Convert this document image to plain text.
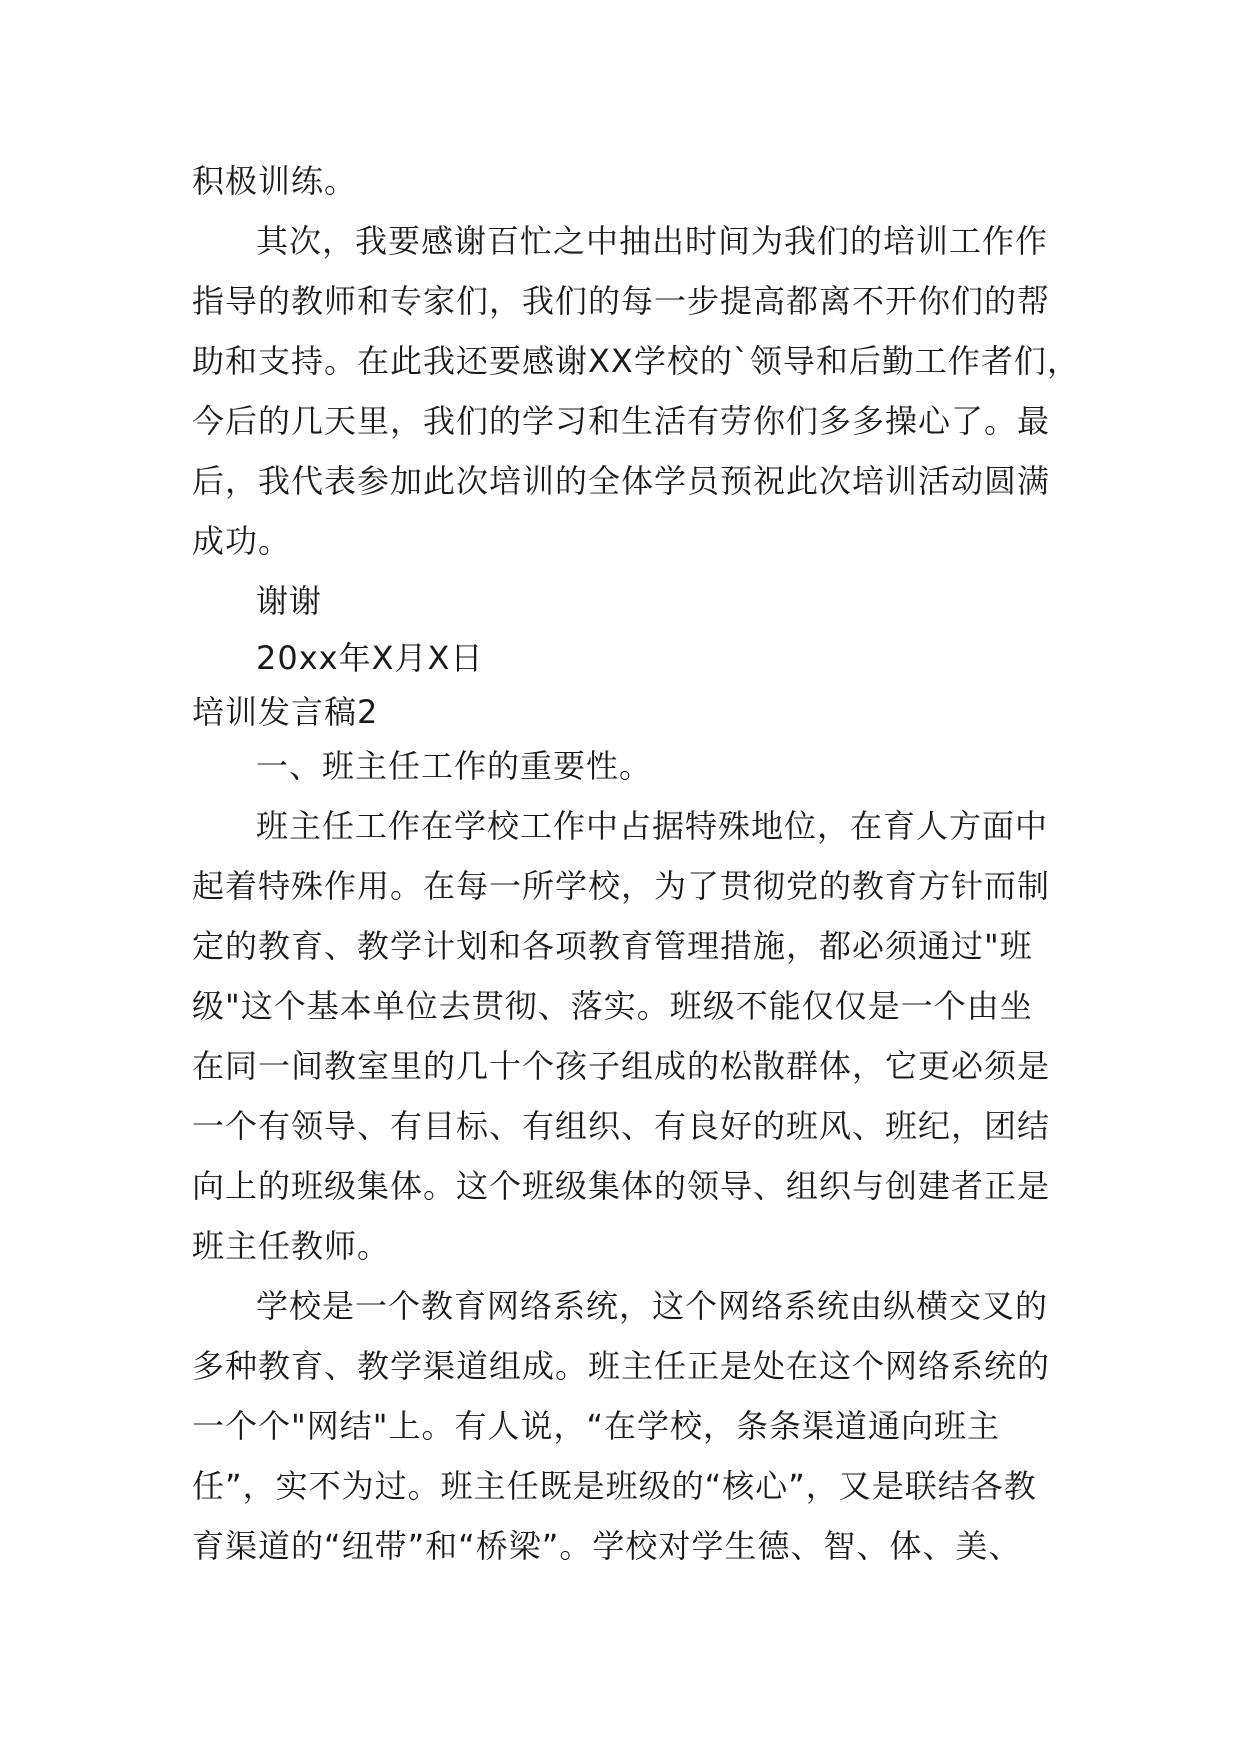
积极训练。
其次，我要感谢百忙之中抽出时间为我们的培训工作作
指导的教师和专家们，我们的每一步提高都离不开你们的帮
助和支持。在此我还要感谢XX学校的`领导和后勤工作者们，
今后的几天里，我们的学习和生活有劳你们多多操心了。最
后，我代表参加此次培训的全体学员预祝此次培训活动圆满
成功。
谢谢
20xx年X月X日
培训发言稿2
一、班主任工作的重要性。
班主任工作在学校工作中占据特殊地位，在育人方面中
起着特殊作用。在每一所学校，为了贯彻党的教育方针而制
定的教育、教学计划和各项教育管理措施，都必须通过"班
级"这个基本单位去贯彻、落实。班级不能仅仅是一个由坐
在同一间教室里的几十个孩子组成的松散群体，它更必须是
一个有领导、有目标、有组织、有良好的班风、班纪，团结
向上的班级集体。这个班级集体的领导、组织与创建者正是
班主任教师。
学校是一个教育网络系统，这个网络系统由纵横交叉的
多种教育、教学渠道组成。班主任正是处在这个网络系统的
一个个"网结"上。有人说，“在学校，条条渠道通向班主
任”，实不为过。班主任既是班级的“核心”，又是联结各教
育渠道的“纽带”和“桥梁”。学校对学生德、智、体、美、
